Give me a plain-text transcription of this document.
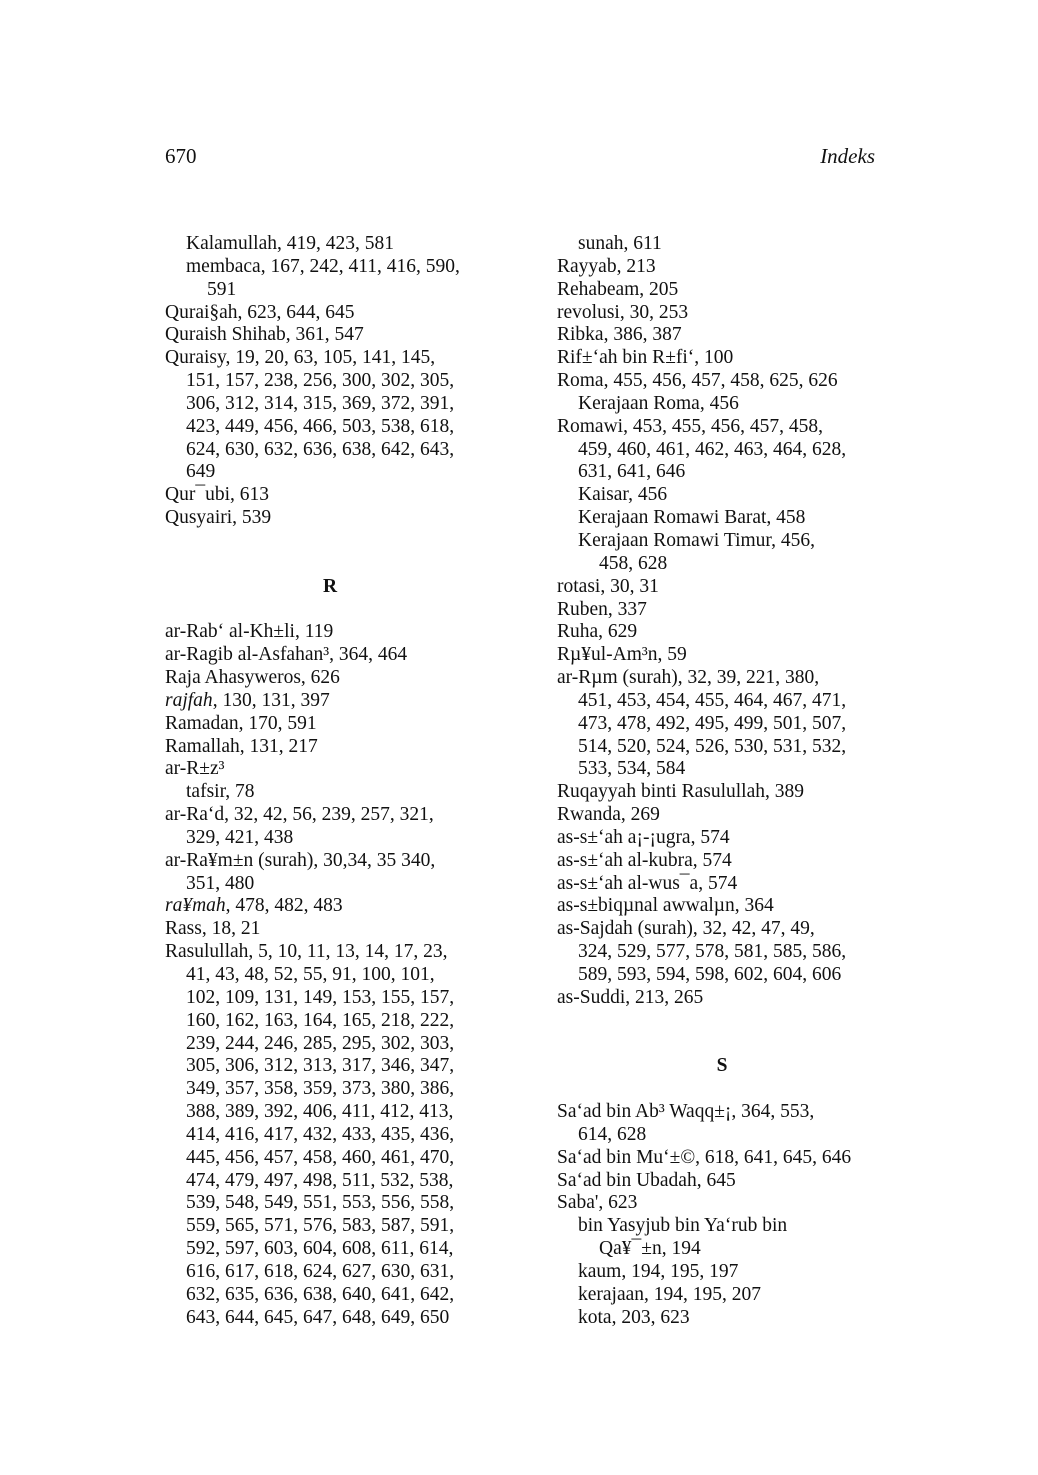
670	Indeks
Kalamullah, 419, 423, 581
membaca, 167, 242, 411, 416, 590,
591
Qurai§ah, 623, 644, 645
Quraish Shihab, 361, 547
Quraisy, 19, 20, 63, 105, 141, 145,
151, 157, 238, 256, 300, 302, 305,
306, 312, 314, 315, 369, 372, 391,
423, 449, 456, 466, 503, 538, 618,
624, 630, 632, 636, 638, 642, 643,
649
Qur¯ubi, 613
Qusyairi, 539
R
ar-Rab‘ al-Kh±li, 119
ar-Ragib al-Asfahan³, 364, 464
Raja Ahasyweros, 626
rajfah, 130, 131, 397
Ramadan, 170, 591
Ramallah, 131, 217
ar-R±z³
tafsir, 78
ar-Ra‘d, 32, 42, 56, 239, 257, 321,
329, 421, 438
ar-Ra¥m±n (surah), 30,34, 35 340,
351, 480
ra¥mah, 478, 482, 483
Rass, 18, 21
Rasulullah, 5, 10, 11, 13, 14, 17, 23,
41, 43, 48, 52, 55, 91, 100, 101,
102, 109, 131, 149, 153, 155, 157,
160, 162, 163, 164, 165, 218, 222,
239, 244, 246, 285, 295, 302, 303,
305, 306, 312, 313, 317, 346, 347,
349, 357, 358, 359, 373, 380, 386,
388, 389, 392, 406, 411, 412, 413,
414, 416, 417, 432, 433, 435, 436,
445, 456, 457, 458, 460, 461, 470,
474, 479, 497, 498, 511, 532, 538,
539, 548, 549, 551, 553, 556, 558,
559, 565, 571, 576, 583, 587, 591,
592, 597, 603, 604, 608, 611, 614,
616, 617, 618, 624, 627, 630, 631,
632, 635, 636, 638, 640, 641, 642,
643, 644, 645, 647, 648, 649, 650
sunah, 611
Rayyab, 213
Rehabeam, 205
revolusi, 30, 253
Ribka, 386, 387
Rif±‘ah bin R±fi‘, 100
Roma, 455, 456, 457, 458, 625, 626
Kerajaan Roma, 456
Romawi, 453, 455, 456, 457, 458,
459, 460, 461, 462, 463, 464, 628,
631, 641, 646
Kaisar, 456
Kerajaan Romawi Barat, 458
Kerajaan Romawi Timur, 456,
458, 628
rotasi, 30, 31
Ruben, 337
Ruha, 629
Rµ¥ul-Am³n, 59
ar-Rµm (surah), 32, 39, 221, 380,
451, 453, 454, 455, 464, 467, 471,
473, 478, 492, 495, 499, 501, 507,
514, 520, 524, 526, 530, 531, 532,
533, 534, 584
Ruqayyah binti Rasulullah, 389
Rwanda, 269
as-s±‘ah a¡-¡ugra, 574
as-s±‘ah al-kubra, 574
as-s±‘ah al-wus¯a, 574
as-s±biqµnal awwalµn, 364
as-Sajdah (surah), 32, 42, 47, 49,
324, 529, 577, 578, 581, 585, 586,
589, 593, 594, 598, 602, 604, 606
as-Suddi, 213, 265
S
Sa‘ad bin Ab³ Waqq±¡, 364, 553,
614, 628
Sa‘ad bin Mu‘±©, 618, 641, 645, 646
Sa‘ad bin Ubadah, 645
Saba', 623
bin Yasyjub bin Ya‘rub bin
Qa¥¯±n, 194
kaum, 194, 195, 197
kerajaan, 194, 195, 207
kota, 203, 623
